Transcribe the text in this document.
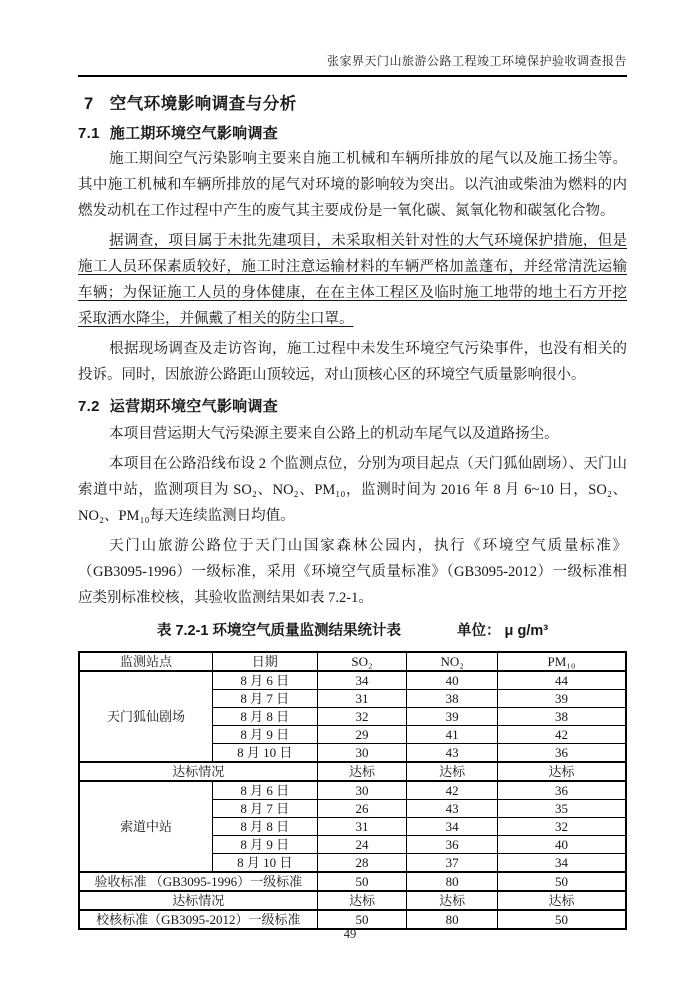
张家界天门山旅游公路工程竣工环境保护验收调查报告
7 空气环境影响调查与分析
7.1 施工期环境空气影响调查

施工期间空气污染影响主要来自施工机械和车辆所排放的尾气以及施工扬尘等。其中施工机械和车辆所排放的尾气对环境的影响较为突出。以汽油或柴油为燃料的内燃发动机在工作过程中产生的废气其主要成份是一氧化碳、氮氧化物和碳氢化合物。

据调查，项目属于未批先建项目，未采取相关针对性的大气环境保护措施，但是施工人员环保素质较好，施工时注意运输材料的车辆严格加盖蓬布，并经常清洗运输车辆；为保证施工人员的身体健康，在在主体工程区及临时施工地带的地土石方开挖采取洒水降尘，并佩戴了相关的防尘口罩。

根据现场调查及走访咨询，施工过程中未发生环境空气污染事件，也没有相关的投诉。同时，因旅游公路距山顶较远，对山顶核心区的环境空气质量影响很小。

7.2 运营期环境空气影响调查

本项目营运期大气污染源主要来自公路上的机动车尾气以及道路扬尘。

本项目在公路沿线布设 2 个监测点位，分别为项目起点（天门狐仙剧场）、天门山索道中站，监测项目为 SO₂、NO₂、PM₁₀，监测时间为 2016 年 8 月 6~10 日，SO₂、NO₂、PM₁₀每天连续监测日均值。

天门山旅游公路位于天门山国家森林公园内，执行《环境空气质量标准》（GB3095-1996）一级标准，采用《环境空气质量标准》（GB3095-2012）一级标准相应类别标准校核，其验收监测结果如表 7.2-1。

表 7.2-1 环境空气质量监测结果统计表	单位： μ g/m³
监测站点	日期	SO₂	NO₂	PM₁₀
天门狐仙剧场	8 月 6 日	34	40	44
	8 月 7 日	31	38	39
	8 月 8 日	32	39	38
	8 月 9 日	29	41	42
	8 月 10 日	30	43	36
达标情况		达标	达标	达标
索道中站	8 月 6 日	30	42	36
	8 月 7 日	26	43	35
	8 月 8 日	31	34	32
	8 月 9 日	24	36	40
	8 月 10 日	28	37	34
验收标准 （GB3095-1996）一级标准		50	80	50
达标情况		达标	达标	达标
校核标准（GB3095-2012）一级标准		50	80	50
49
